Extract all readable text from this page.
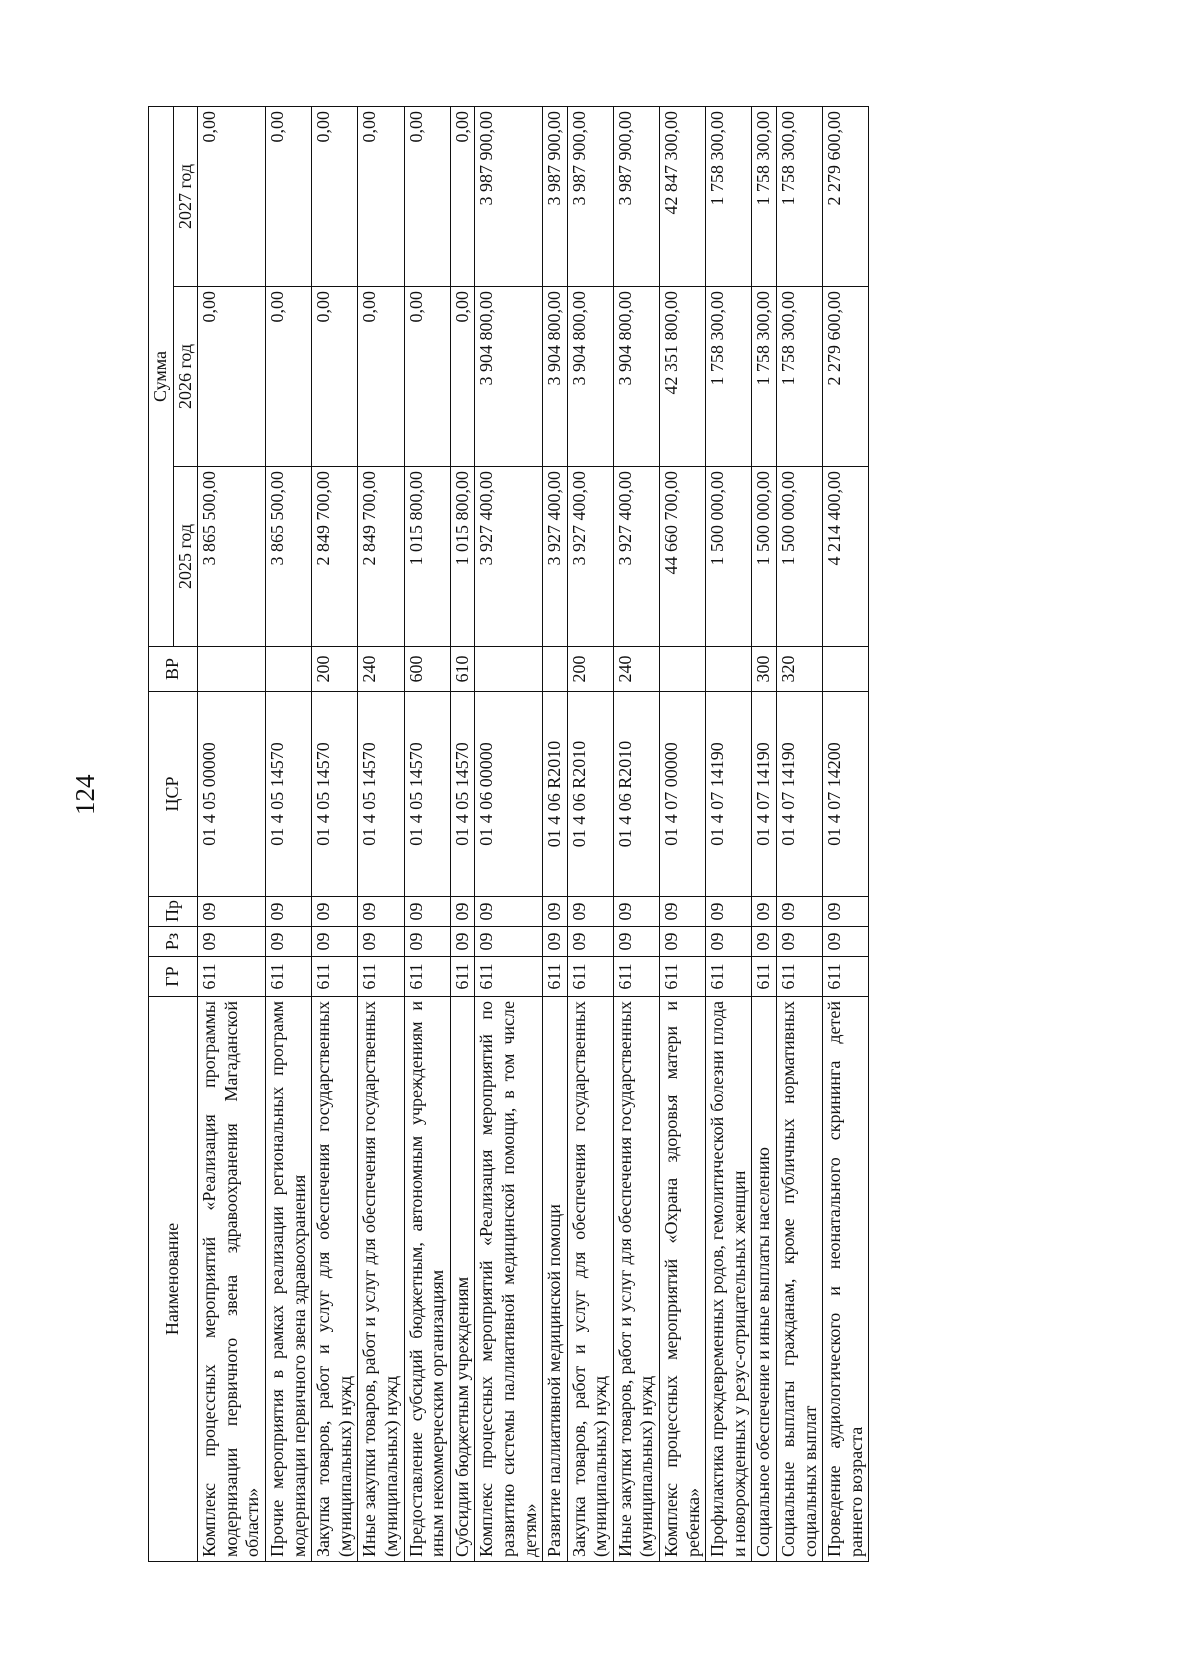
124
Наименование	ГР	Рз	Пр	ЦСР	ВР	Сумма		
						2025 год	2026 год	2027 год
Комплекс процессных мероприятий «Реализация программы модернизации первичного звена здравоохранения Магаданской области»	611	09	09	01 4 05 00000		3 865 500,00	0,00	0,00
Прочие мероприятия в рамках реализации региональных программ модернизации первичного звена здравоохранения	611	09	09	01 4 05 14570		3 865 500,00	0,00	0,00
Закупка товаров, работ и услуг для обеспечения государственных (муниципальных) нужд	611	09	09	01 4 05 14570	200	2 849 700,00	0,00	0,00
Иные закупки товаров, работ и услуг для обеспечения государственных (муниципальных) нужд	611	09	09	01 4 05 14570	240	2 849 700,00	0,00	0,00
Предоставление субсидий бюджетным, автономным учреждениям и иным некоммерческим организациям	611	09	09	01 4 05 14570	600	1 015 800,00	0,00	0,00
Субсидии бюджетным учреждениям	611	09	09	01 4 05 14570	610	1 015 800,00	0,00	0,00
Комплекс процессных мероприятий «Реализация мероприятий по развитию системы паллиативной медицинской помощи, в том числе детям»	611	09	09	01 4 06 00000		3 927 400,00	3 904 800,00	3 987 900,00
Развитие паллиативной медицинской помощи	611	09	09	01 4 06 R2010		3 927 400,00	3 904 800,00	3 987 900,00
Закупка товаров, работ и услуг для обеспечения государственных (муниципальных) нужд	611	09	09	01 4 06 R2010	200	3 927 400,00	3 904 800,00	3 987 900,00
Иные закупки товаров, работ и услуг для обеспечения государственных (муниципальных) нужд	611	09	09	01 4 06 R2010	240	3 927 400,00	3 904 800,00	3 987 900,00
Комплекс процессных мероприятий «Охрана здоровья матери и ребенка»	611	09	09	01 4 07 00000		44 660 700,00	42 351 800,00	42 847 300,00
Профилактика преждевременных родов, гемолитической болезни плода и новорожденных у резус-отрицательных женщин	611	09	09	01 4 07 14190		1 500 000,00	1 758 300,00	1 758 300,00
Социальное обеспечение и иные выплаты населению	611	09	09	01 4 07 14190	300	1 500 000,00	1 758 300,00	1 758 300,00
Социальные выплаты гражданам, кроме публичных нормативных социальных выплат	611	09	09	01 4 07 14190	320	1 500 000,00	1 758 300,00	1 758 300,00
Проведение аудиологического и неонатального скрининга детей раннего возраста	611	09	09	01 4 07 14200		4 214 400,00	2 279 600,00	2 279 600,00
